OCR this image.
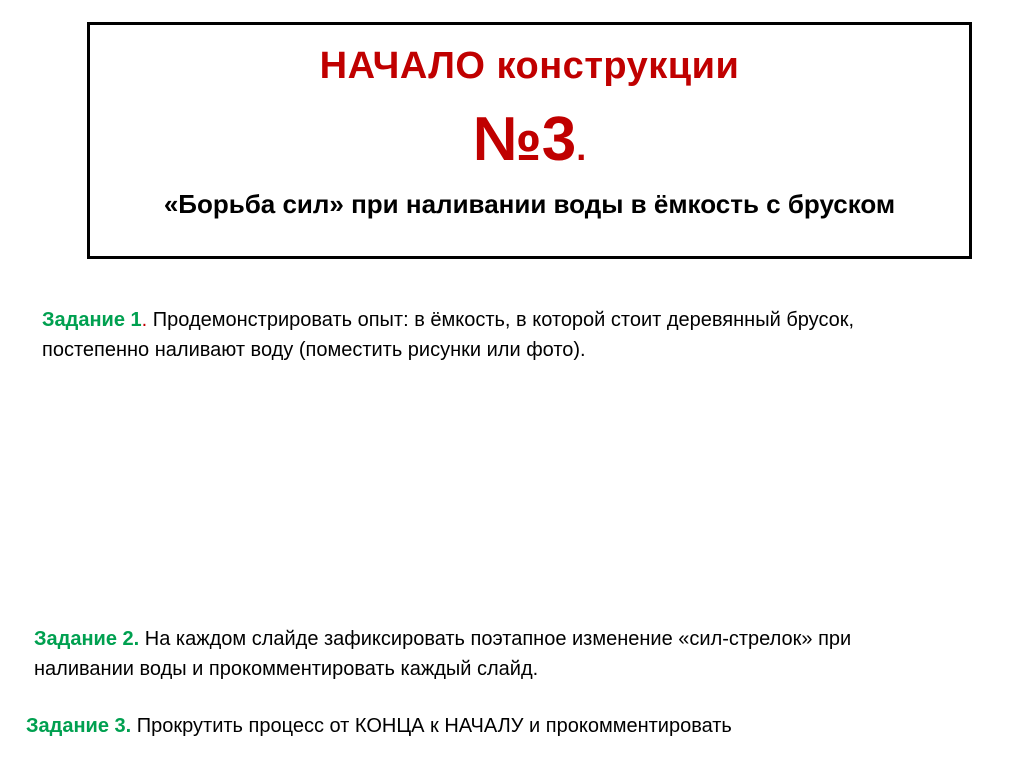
НАЧАЛО конструкции
№3.
«Борьба сил» при наливании воды в ёмкость с бруском
Задание 1. Продемонстрировать опыт: в ёмкость, в которой стоит деревянный брусок,
постепенно наливают воду (поместить рисунки или фото).
Задание 2. На каждом слайде зафиксировать поэтапное изменение «сил-стрелок» при
наливании воды и прокомментировать каждый слайд.
Задание 3. Прокрутить процесс от КОНЦА к НАЧАЛУ и прокомментировать
